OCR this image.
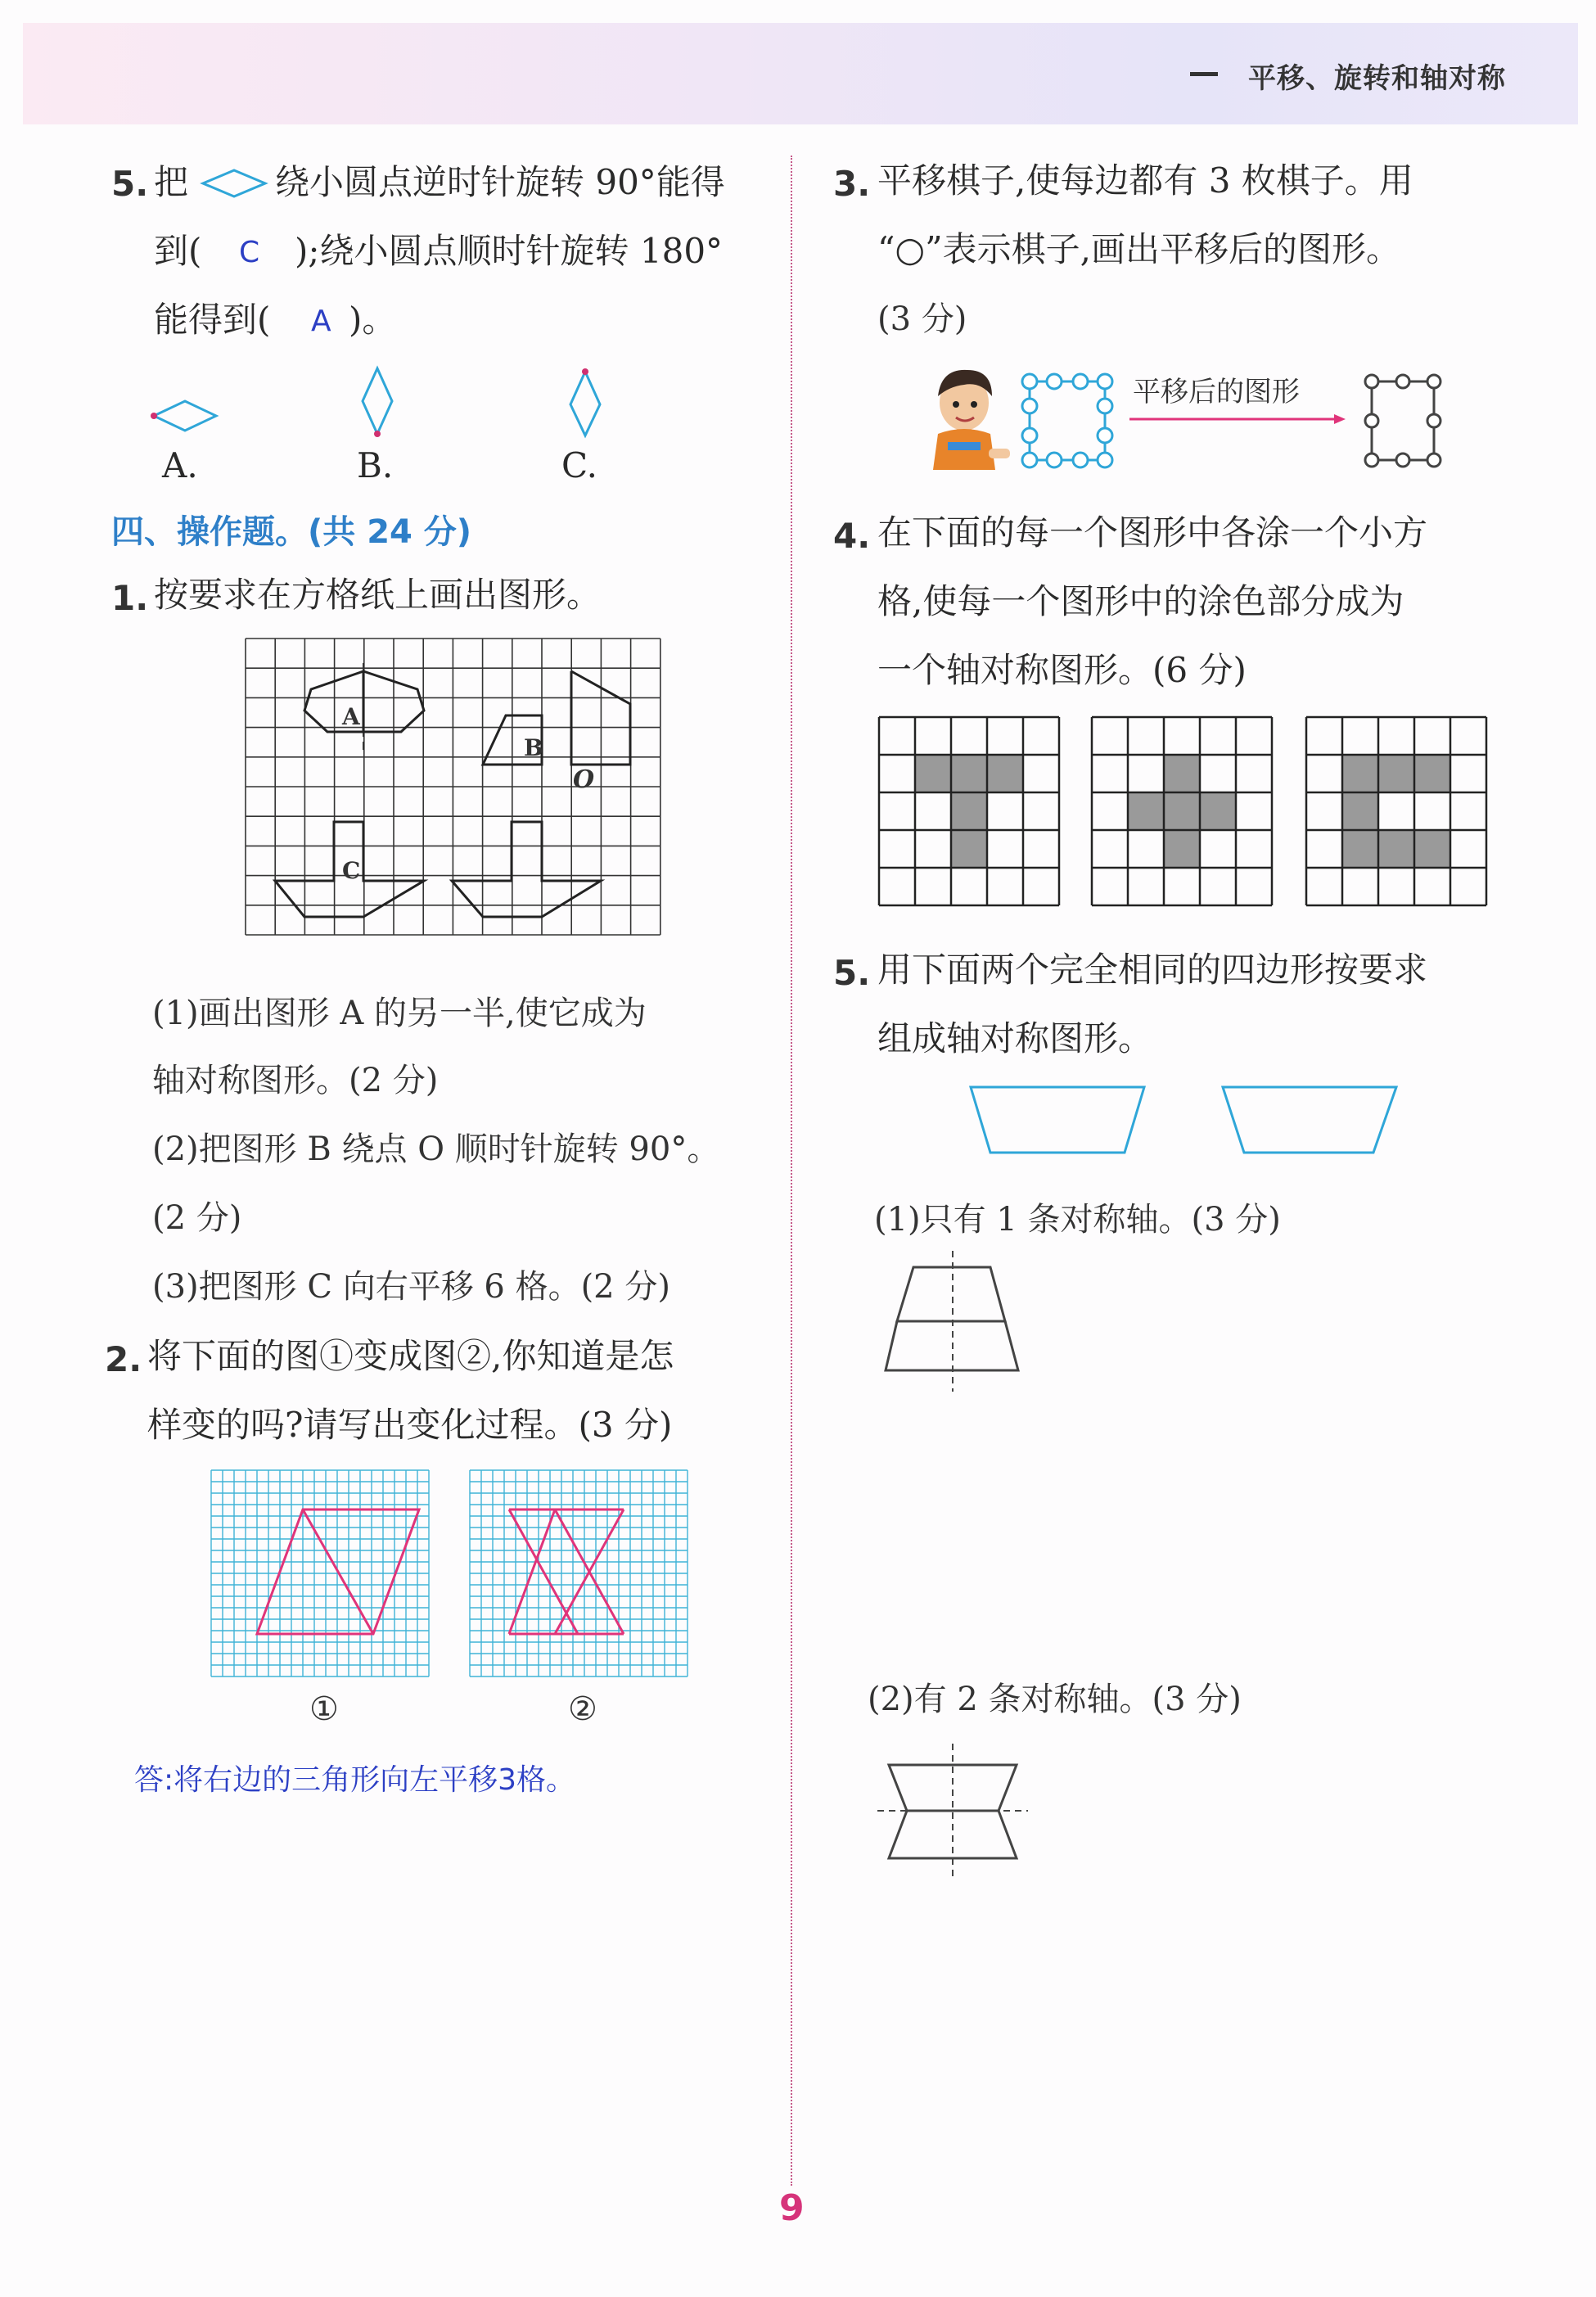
平移、旋转和轴对称
5. 把	绕小圆点逆时针旋转 90°能得
到( C );绕小圆点顺时针旋转 180°
能得到( A )。
A.	B.	C.
四、操作题。(共 24 分)
1. 按要求在方格纸上画出图形。
A
B
O
C
(1)画出图形 A 的另一半,使它成为
轴对称图形。(2 分)
(2)把图形 B 绕点 O 顺时针旋转 90°。
(2 分)
(3)把图形 C 向右平移 6 格。(2 分)
2. 将下面的图①变成图②,你知道是怎
样变的吗?请写出变化过程。(3 分)
①	②
答:将右边的三角形向左平移3格。
3. 平移棋子,使每边都有 3 枚棋子。用
“○”表示棋子,画出平移后的图形。
(3 分)
平移后的图形
4. 在下面的每一个图形中各涂一个小方
格,使每一个图形中的涂色部分成为
一个轴对称图形。(6 分)
5. 用下面两个完全相同的四边形按要求
组成轴对称图形。
(1)只有 1 条对称轴。(3 分)
(2)有 2 条对称轴。(3 分)
9
